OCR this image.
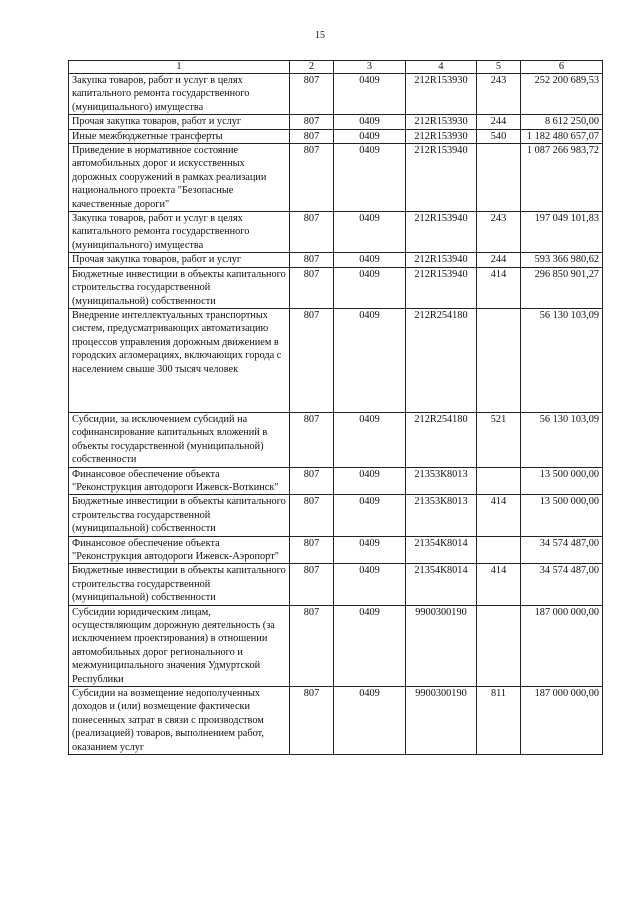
15
1	2	3	4	5	6
Закупка товаров, работ и услуг в целях капитального ремонта государственного (муниципального) имущества	807	0409	212R153930	243	252 200 689,53
Прочая закупка товаров, работ и услуг	807	0409	212R153930	244	8 612 250,00
Иные межбюджетные трансферты	807	0409	212R153930	540	1 182 480 657,07
Приведение в нормативное состояние автомобильных дорог и искусственных дорожных сооружений в рамках реализации национального проекта "Безопасные качественные дороги"	807	0409	212R153940		1 087 266 983,72
Закупка товаров, работ и услуг в целях капитального ремонта государственного (муниципального) имущества	807	0409	212R153940	243	197 049 101,83
Прочая закупка товаров, работ и услуг	807	0409	212R153940	244	593 366 980,62
Бюджетные инвестиции в объекты капитального строительства государственной (муниципальной) собственности	807	0409	212R153940	414	296 850 901,27
Внедрение интеллектуальных транспортных систем, предусматривающих автоматизацию процессов управления дорожным движением в городских агломерациях, включающих города с населением свыше 300 тысяч человек	807	0409	212R254180		56 130 103,09
Субсидии, за исключением субсидий на софинансирование капитальных вложений в объекты государственной (муниципальной) собственности	807	0409	212R254180	521	56 130 103,09
Финансовое обеспечение объекта "Реконструкция автодороги Ижевск-Воткинск"	807	0409	21353К8013		13 500 000,00
Бюджетные инвестиции в объекты капитального строительства государственной (муниципальной) собственности	807	0409	21353К8013	414	13 500 000,00
Финансовое обеспечение объекта "Реконструкция автодороги Ижевск-Аэропорт"	807	0409	21354К8014		34 574 487,00
Бюджетные инвестиции в объекты капитального строительства государственной (муниципальной) собственности	807	0409	21354К8014	414	34 574 487,00
Субсидии юридическим лицам, осуществляющим дорожную деятельность (за исключением проектирования) в отношении автомобильных дорог регионального и межмуниципального значения Удмуртской Республики	807	0409	9900300190		187 000 000,00
Субсидии на возмещение недополученных доходов и (или) возмещение фактически понесенных затрат в связи с производством (реализацией) товаров, выполнением работ, оказанием услуг	807	0409	9900300190	811	187 000 000,00
